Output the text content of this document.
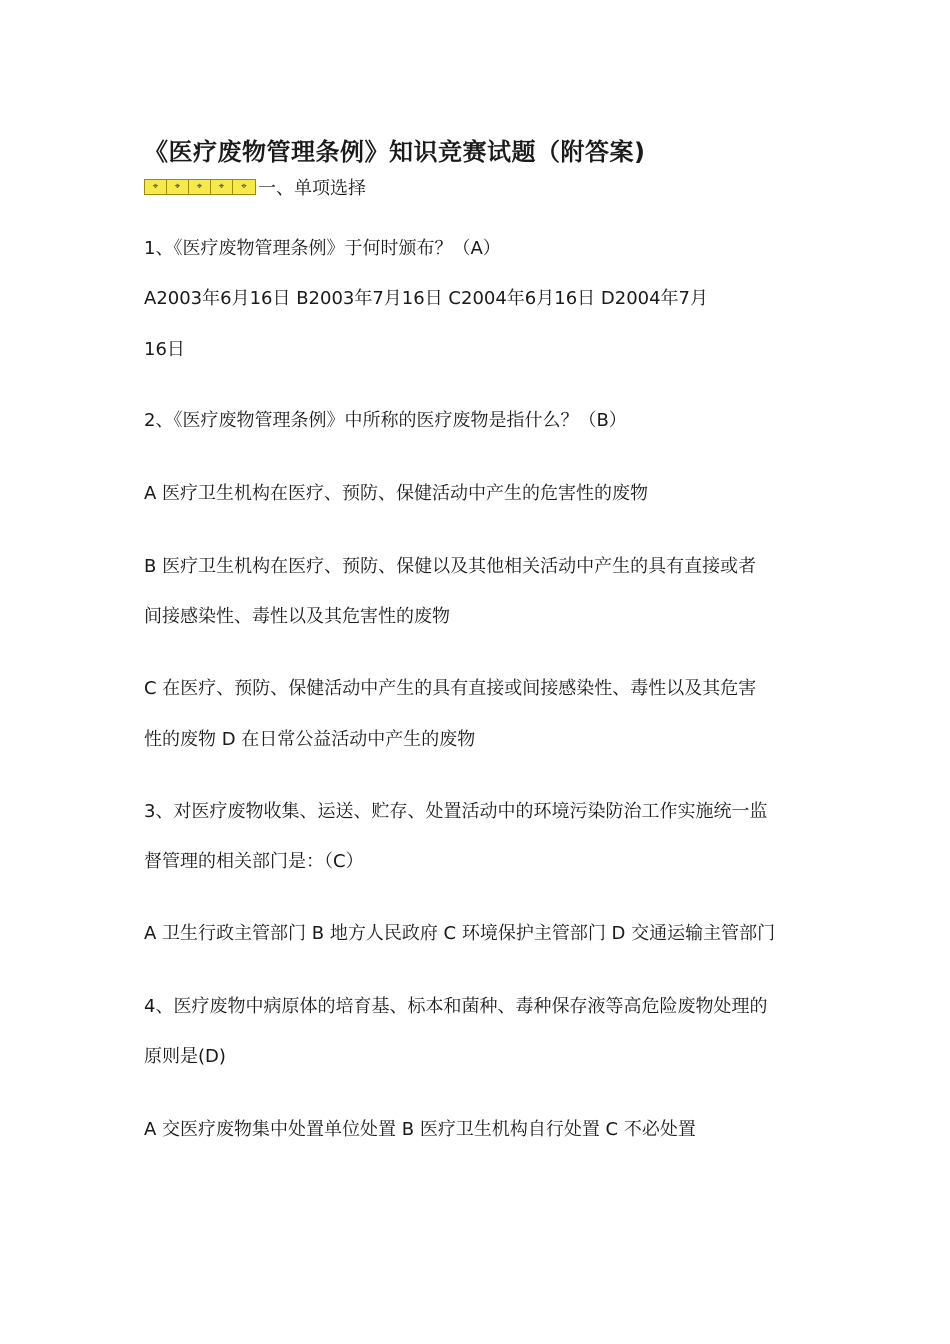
《医疗废物管理条例》知识竞赛试题（附答案)
⌖	⌖	⌖	⌖	⌖ 一、单项选择
1、《医疗废物管理条例》于何时颁布？（A）
A2003年6月16日 B2003年7月16日 C2004年6月16日 D2004年7月
16日
2、《医疗废物管理条例》中所称的医疗废物是指什么？（B）
A 医疗卫生机构在医疗、预防、保健活动中产生的危害性的废物
B 医疗卫生机构在医疗、预防、保健以及其他相关活动中产生的具有直接或者
间接感染性、毒性以及其危害性的废物
C 在医疗、预防、保健活动中产生的具有直接或间接感染性、毒性以及其危害
性的废物 D 在日常公益活动中产生的废物
3、对医疗废物收集、运送、贮存、处置活动中的环境污染防治工作实施统一监
督管理的相关部门是：（C）
A 卫生行政主管部门 B 地方人民政府 C 环境保护主管部门 D 交通运输主管部门
4、医疗废物中病原体的培育基、标本和菌种、毒种保存液等高危险废物处理的
原则是(D)
A 交医疗废物集中处置单位处置 B 医疗卫生机构自行处置 C 不必处置
